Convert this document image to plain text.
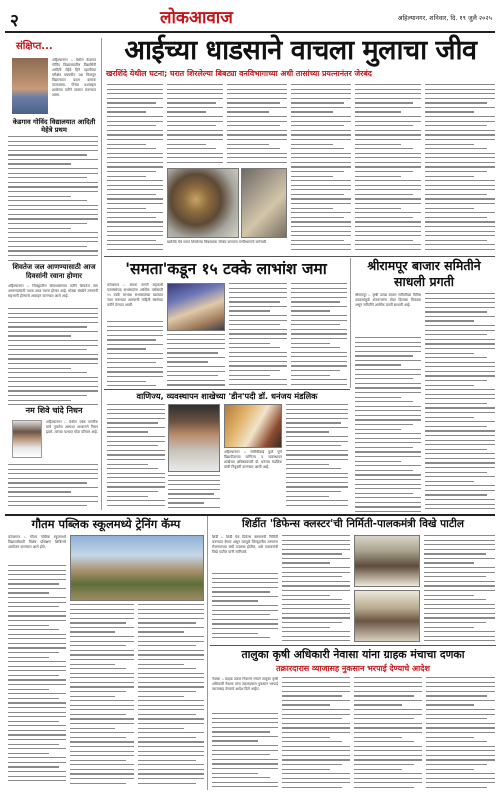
२	लोकआवाज	अहिल्यानगर, शनिवार, दि. १९ जुलै २०२५
संक्षिप्त...
अहिल्यानगर :- येथील केडगाव गोविंद विद्यालयातील विद्यार्थिनी आदिती मेहेत्रे हिने दहावीच्या परीक्षेत घवघवीत यश मिळवून विद्यालयात प्रथम क्रमांक पटकावला. तिच्या यशाबद्दल शाळेच्या वतीने सत्कार करण्यात आला.
केडगाव गोविंद विद्यालयात आदिती मेहेत्रे प्रथम
शिवतेज जल आणण्यासाठी आज दिवसांनी रवाना होणार
अहिल्यानगर :- जिल्ह्यातील शिवभक्तांच्या वतीने शिवतेज जल आणण्यासाठी पथक आज रवाना होणार आहे. मोठ्या संख्येने तरुणांनी सहभागी होण्याचे आवाहन करण्यात आले आहे.
नम शिवे चांदे निधन
अहिल्यानगर :- येथील ज्येष्ठ नागरिक यांचे नुकतेच अल्पशा आजाराने निधन झाले. त्यांच्या पश्चात मोठा परिवार आहे.
आईच्या धाडसाने वाचला मुलाचा जीव
खरशिंदे येथील घटना; घरात शिरलेल्या बिबट्या वनविभागाच्या अधी तासांच्या प्रयत्नानंतर जेरबंद
खरशिंदे येथे घरात शिरलेल्या बिबट्याला जेरबंद करताना वनविभागाचे कर्मचारी.
'समता'कडून १५ टक्के लाभांश जमा
कोपरगाव :- समता नागरी सहकारी पतसंस्थेच्या सभासदांना आर्थिक वर्षासाठी १५ टक्के लाभांश सभासदांच्या खात्यात जमा करण्यात आल्याची माहिती संस्थेच्या वतीने देण्यात आली.
श्रीरामपूर बाजार समितीने साधली प्रगती
श्रीरामपूर :- कृषी उत्पन्न बाजार समितीच्या विविध उपक्रमांमुळे शेतकऱ्यांना मोठा दिलासा मिळाला असून समितीने आर्थिक प्रगती साधली आहे.
वाणिज्य, व्यवस्थापन शाखेच्या 'डीन'पदी डॉ. धनंजय मंडलिक
अहिल्यानगर :- सावित्रीबाई फुले पुणे विद्यापीठाच्या वाणिज्य व व्यवस्थापन शाखेच्या अधिष्ठातापदी डॉ. धनंजय मंडलिक यांची नियुक्ती करण्यात आली आहे.
गौतम पब्लिक स्कूलमध्ये ट्रेनिंग कॅम्प
कोपरगाव :- गौतम पब्लिक स्कूलमध्ये विद्यार्थ्यांसाठी विशेष प्रशिक्षण शिबिराचे आयोजन करण्यात आले होते.
शिर्डीत 'डिफेन्स क्लस्टर'ची निर्मिती-पालकमंत्री विखे पाटील
शिर्डी :- शिर्डी येथे डिफेन्स क्लस्टरची निर्मिती करण्यात येणार असून त्यामुळे जिल्ह्यातील तरुणांना रोजगाराच्या संधी उपलब्ध होतील, असे पालकमंत्री विखे पाटील यांनी सांगितले.
तालुका कृषी अधिकारी नेवासा यांना ग्राहक मंचाचा दणका
तक्रारदारास व्याजासह नुकसान भरपाई देण्याचे आदेश
नेवासा :- ग्राहक तक्रार निवारण मंचाने तालुका कृषी अधिकारी नेवासा यांना तक्रारदारास नुकसान भरपाई व्याजासह देण्याचे आदेश दिले आहेत.
